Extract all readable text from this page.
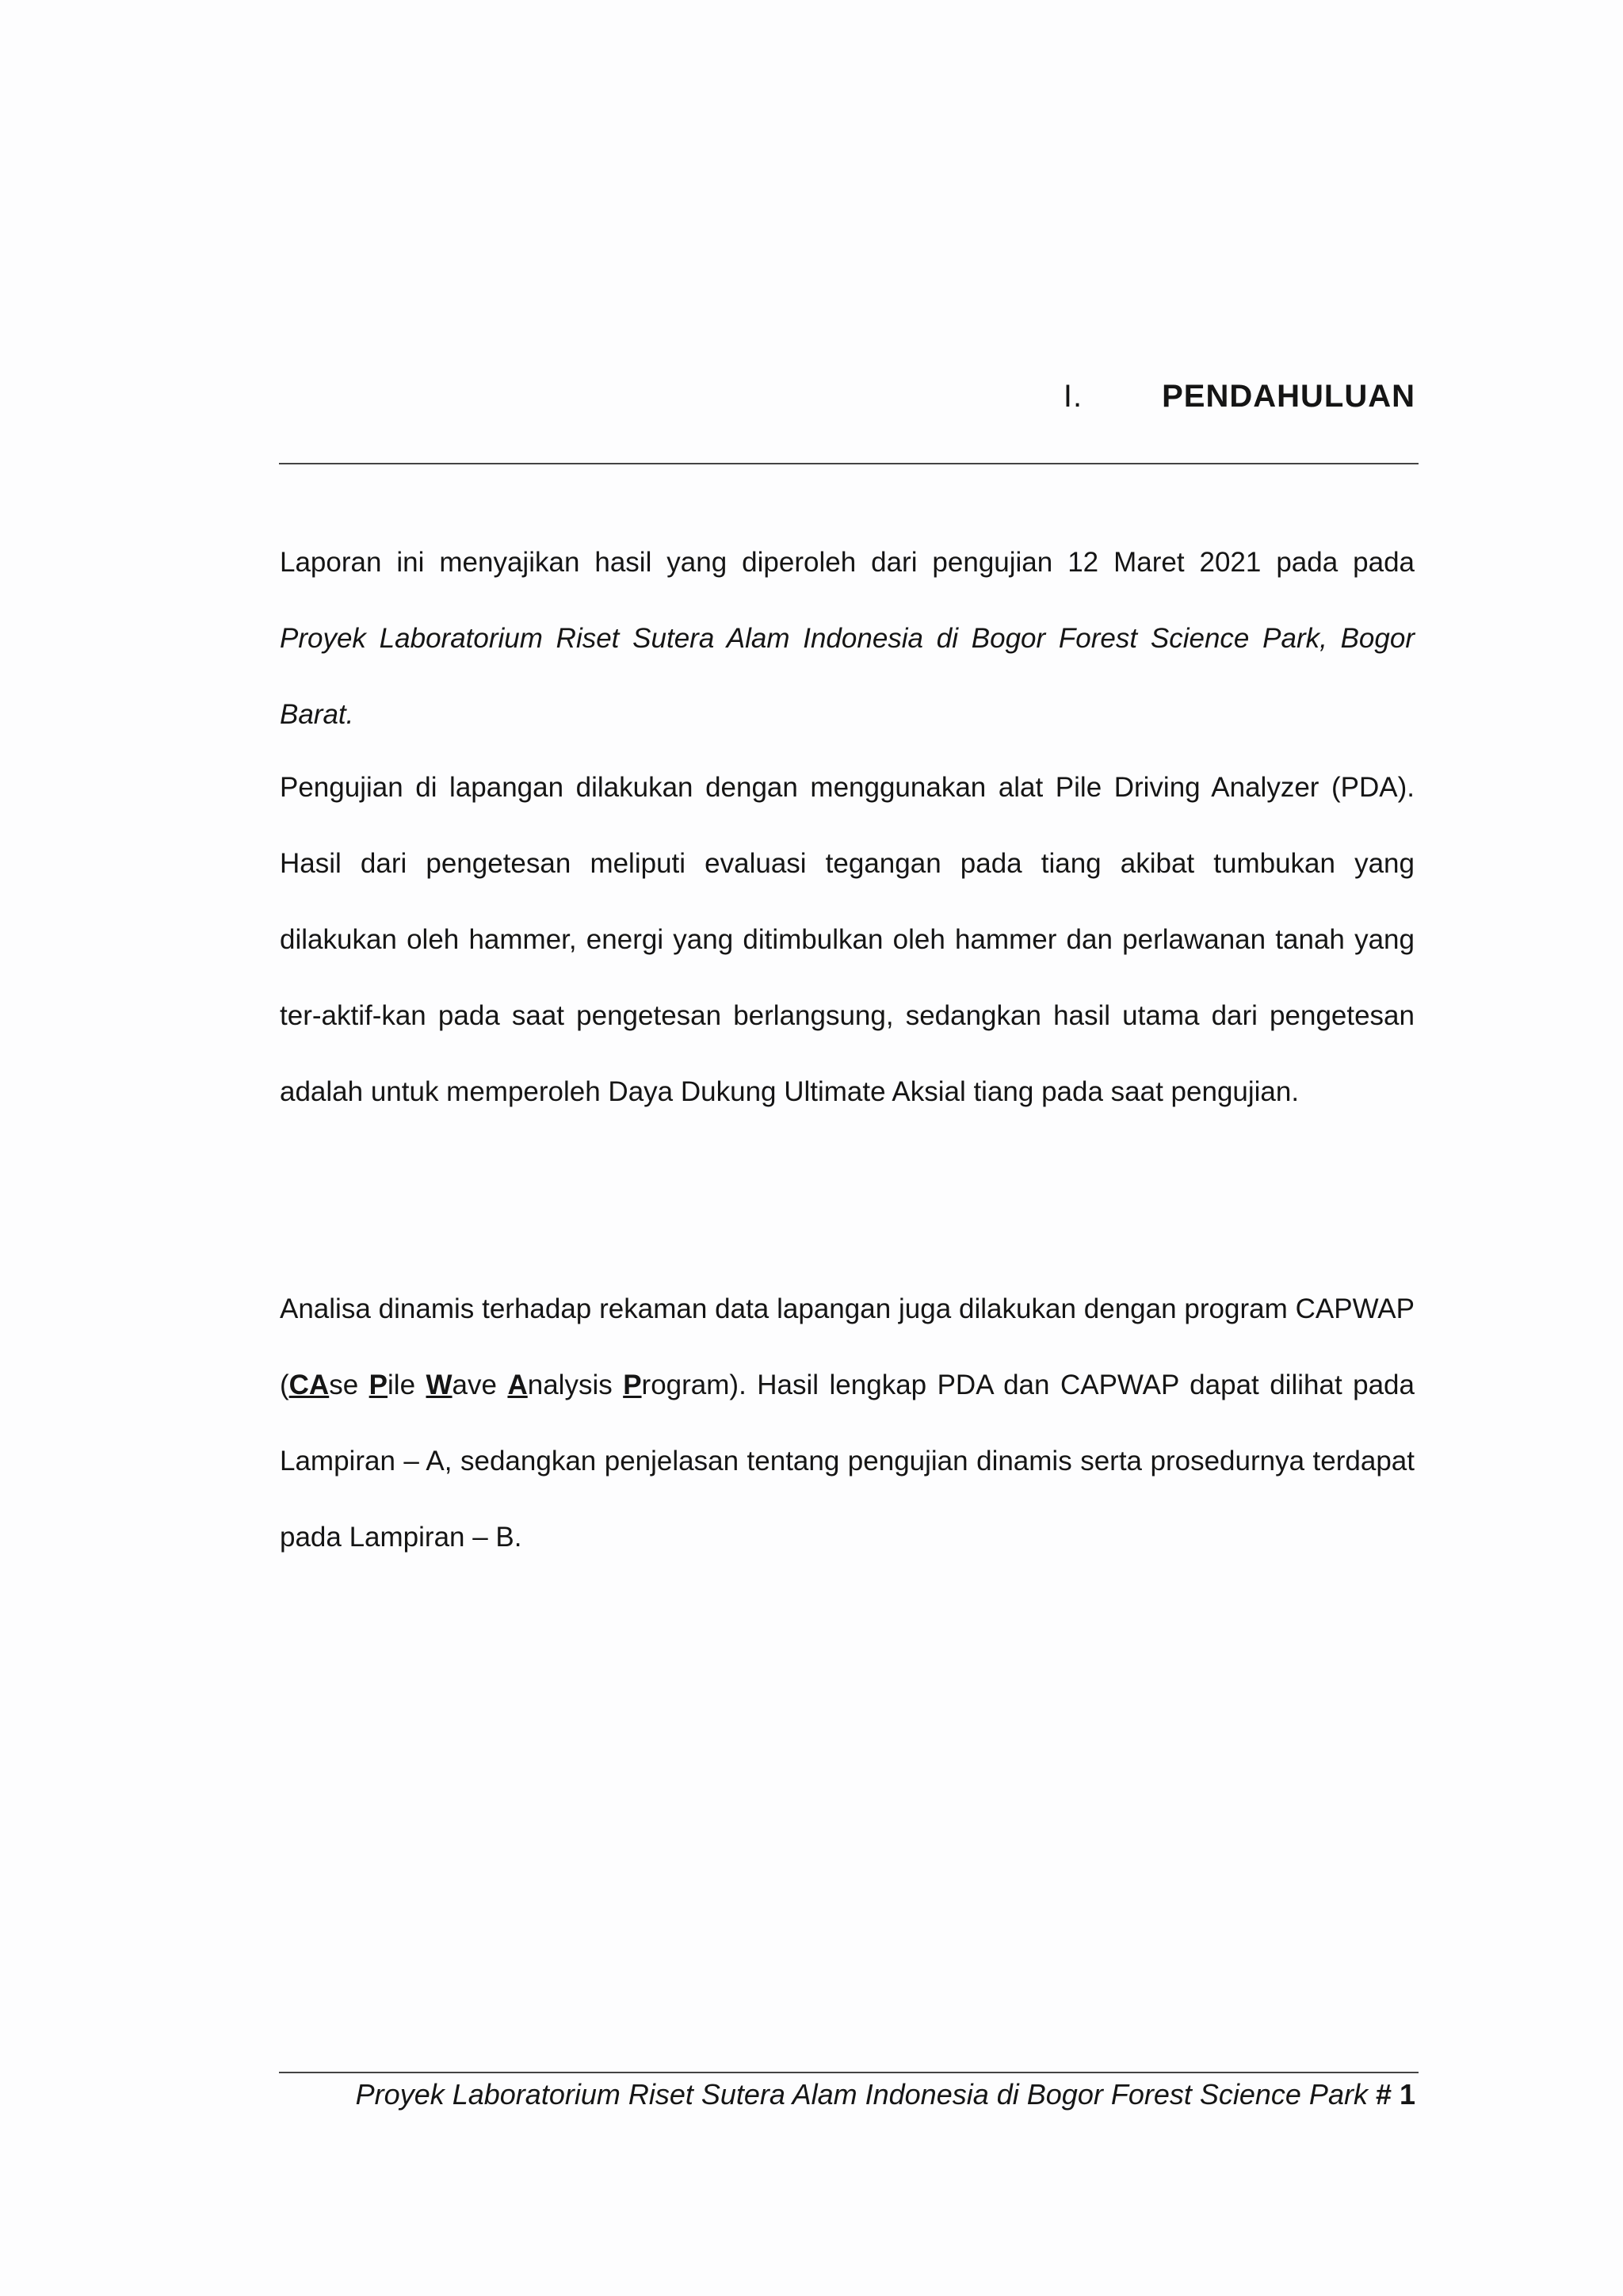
I.	PENDAHULUAN

Laporan ini menyajikan hasil yang diperoleh dari pengujian 12 Maret 2021 pada pada Proyek Laboratorium Riset Sutera Alam Indonesia di Bogor Forest Science Park, Bogor Barat.

Pengujian di lapangan dilakukan dengan menggunakan alat Pile Driving Analyzer (PDA). Hasil dari pengetesan meliputi evaluasi tegangan pada tiang akibat tumbukan yang dilakukan oleh hammer, energi yang ditimbulkan oleh hammer dan perlawanan tanah yang ter-aktif-kan pada saat pengetesan berlangsung, sedangkan hasil utama dari pengetesan adalah untuk memperoleh Daya Dukung Ultimate Aksial tiang pada saat pengujian.

Analisa dinamis terhadap rekaman data lapangan juga dilakukan dengan program CAPWAP (CAse Pile Wave Analysis Program). Hasil lengkap PDA dan CAPWAP dapat dilihat pada Lampiran – A, sedangkan penjelasan tentang pengujian dinamis serta prosedurnya terdapat pada Lampiran – B.

Proyek Laboratorium Riset Sutera Alam Indonesia di Bogor Forest Science Park # 1
